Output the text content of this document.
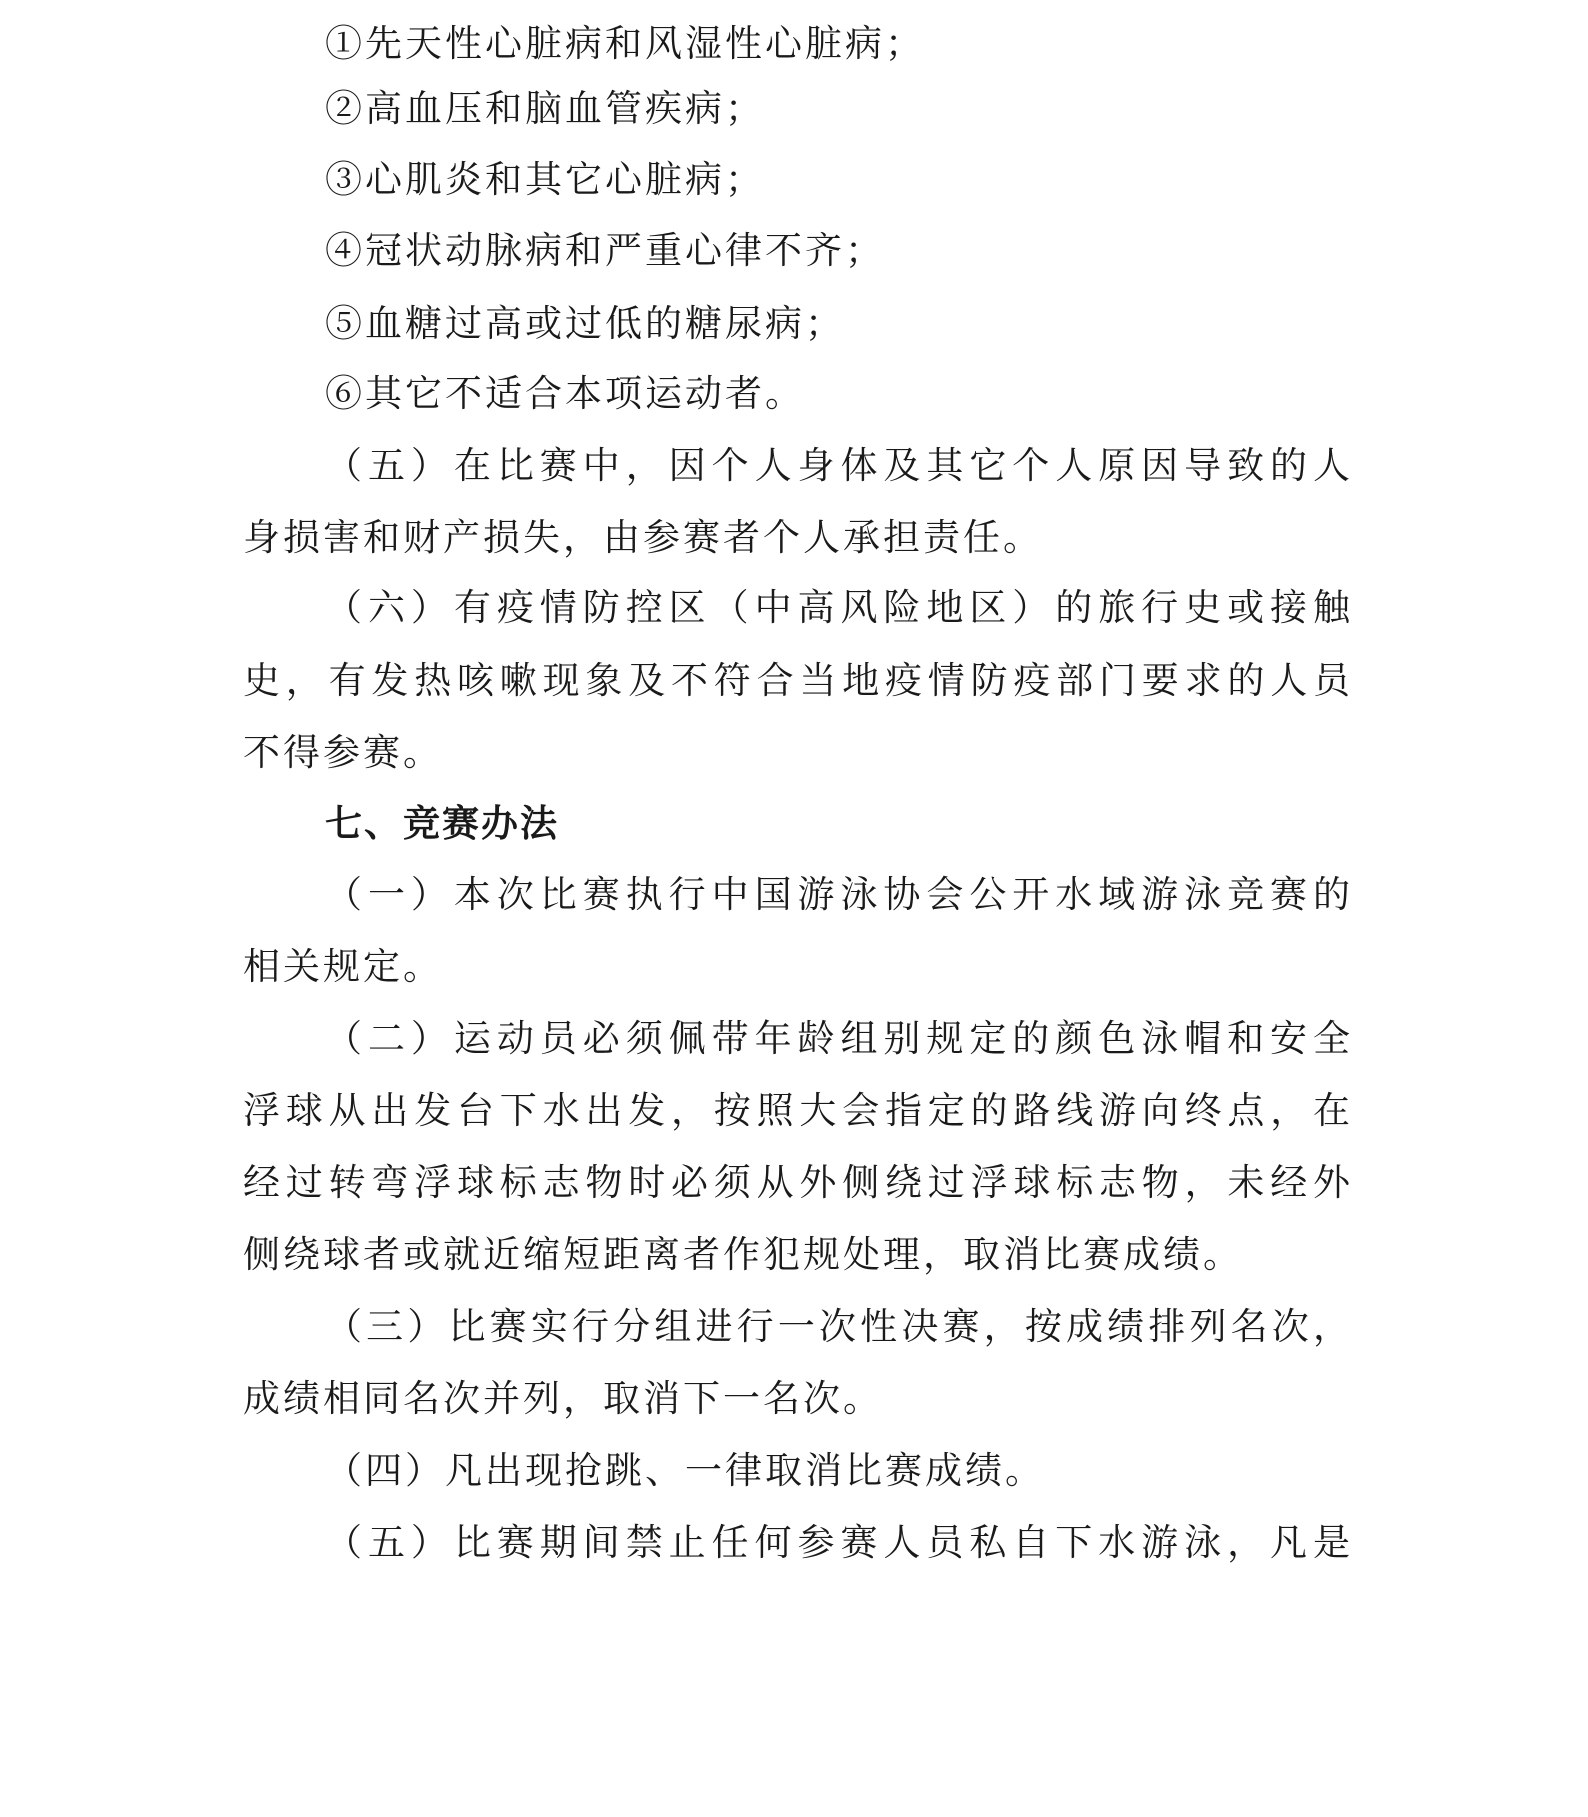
①先天性心脏病和风湿性心脏病；
②高血压和脑血管疾病；
③心肌炎和其它心脏病；
④冠状动脉病和严重心律不齐；
⑤血糖过高或过低的糖尿病；
⑥其它不适合本项运动者。
（五）在比赛中，因个人身体及其它个人原因导致的人
身损害和财产损失，由参赛者个人承担责任。
（六）有疫情防控区（中高风险地区）的旅行史或接触
史，有发热咳嗽现象及不符合当地疫情防疫部门要求的人员
不得参赛。
七、竞赛办法
（一）本次比赛执行中国游泳协会公开水域游泳竞赛的
相关规定。
（二）运动员必须佩带年龄组别规定的颜色泳帽和安全
浮球从出发台下水出发，按照大会指定的路线游向终点，在
经过转弯浮球标志物时必须从外侧绕过浮球标志物，未经外
侧绕球者或就近缩短距离者作犯规处理，取消比赛成绩。
（三）比赛实行分组进行一次性决赛，按成绩排列名次，
成绩相同名次并列，取消下一名次。
（四）凡出现抢跳、一律取消比赛成绩。
（五）比赛期间禁止任何参赛人员私自下水游泳，凡是
